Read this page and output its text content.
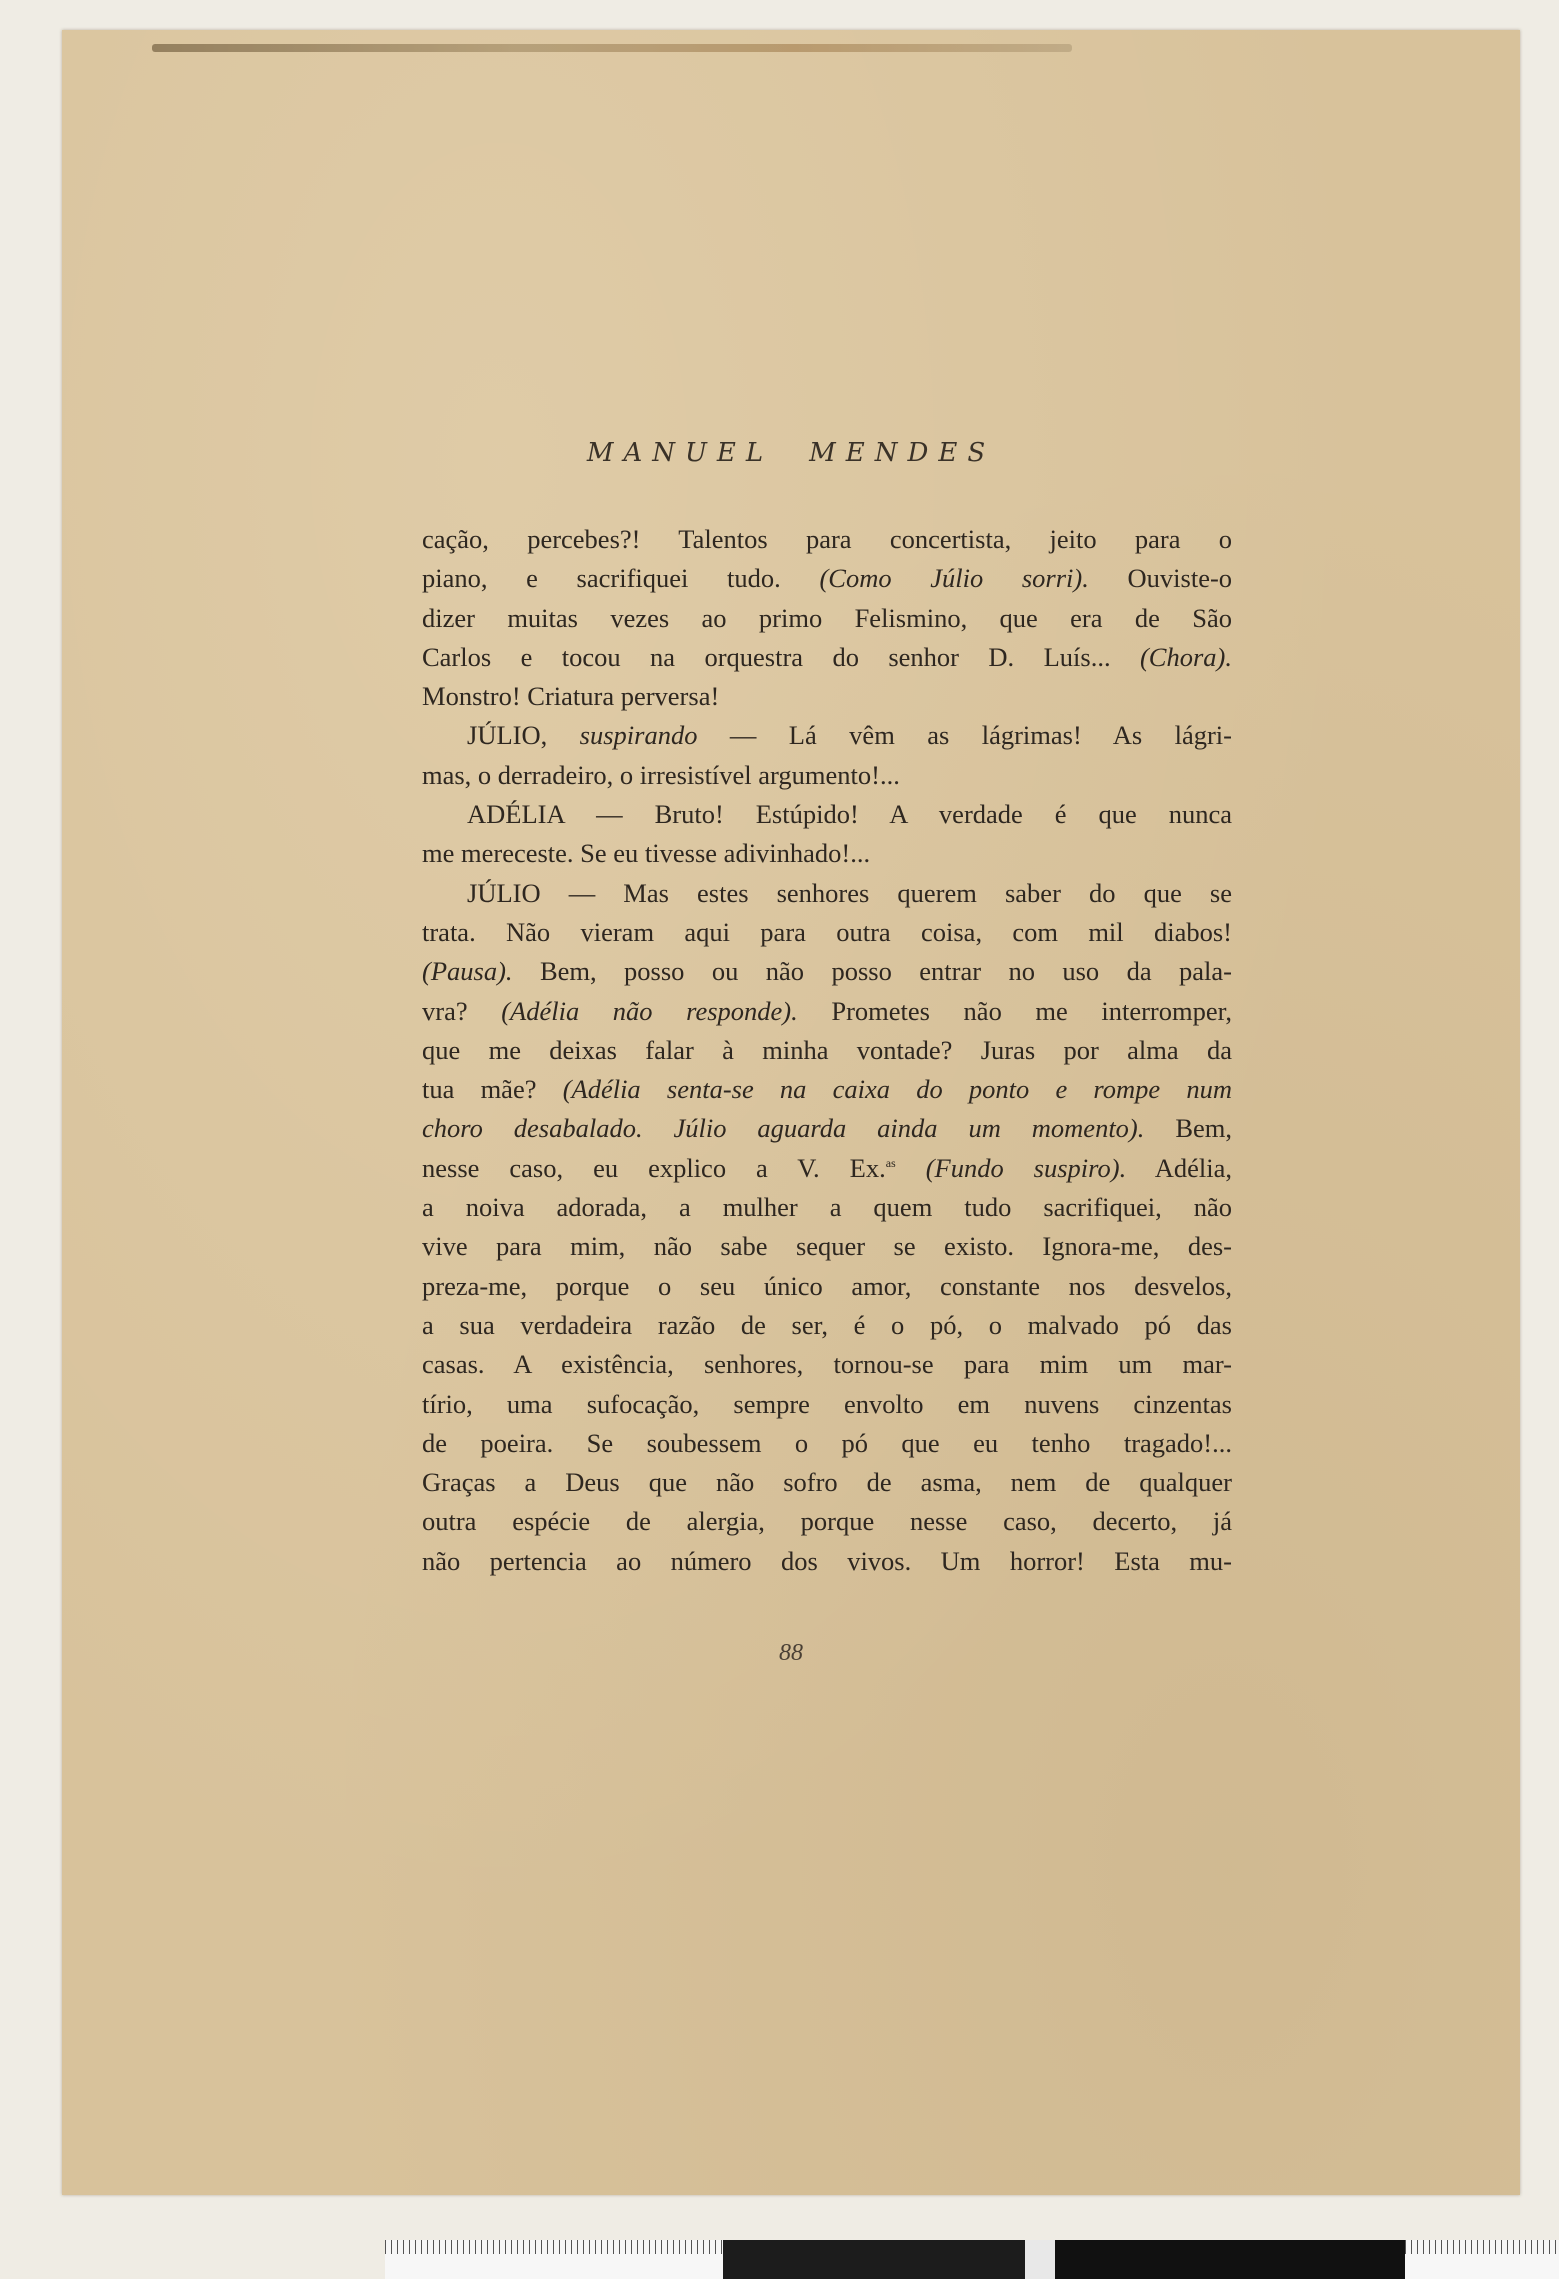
MANUEL MENDES
cação, percebes?! Talentos para concertista, jeito para o
piano, e sacrifiquei tudo. (Como Júlio sorri). Ouviste-o
dizer muitas vezes ao primo Felismino, que era de São
Carlos e tocou na orquestra do senhor D. Luís... (Chora).
Monstro! Criatura perversa!
JÚLIO, suspirando — Lá vêm as lágrimas! As lágri-
mas, o derradeiro, o irresistível argumento!...
ADÉLIA — Bruto! Estúpido! A verdade é que nunca
me mereceste. Se eu tivesse adivinhado!...
JÚLIO — Mas estes senhores querem saber do que se
trata. Não vieram aqui para outra coisa, com mil diabos!
(Pausa). Bem, posso ou não posso entrar no uso da pala-
vra? (Adélia não responde). Prometes não me interromper,
que me deixas falar à minha vontade? Juras por alma da
tua mãe? (Adélia senta-se na caixa do ponto e rompe num
choro desabalado. Júlio aguarda ainda um momento). Bem,
nesse caso, eu explico a V. Ex.$^{as}$ (Fundo suspiro). Adélia,
a noiva adorada, a mulher a quem tudo sacrifiquei, não
vive para mim, não sabe sequer se existo. Ignora-me, des-
preza-me, porque o seu único amor, constante nos desvelos,
a sua verdadeira razão de ser, é o pó, o malvado pó das
casas. A existência, senhores, tornou-se para mim um mar-
tírio, uma sufocação, sempre envolto em nuvens cinzentas
de poeira. Se soubessem o pó que eu tenho tragado!...
Graças a Deus que não sofro de asma, nem de qualquer
outra espécie de alergia, porque nesse caso, decerto, já
não pertencia ao número dos vivos. Um horror! Esta mu-
88
